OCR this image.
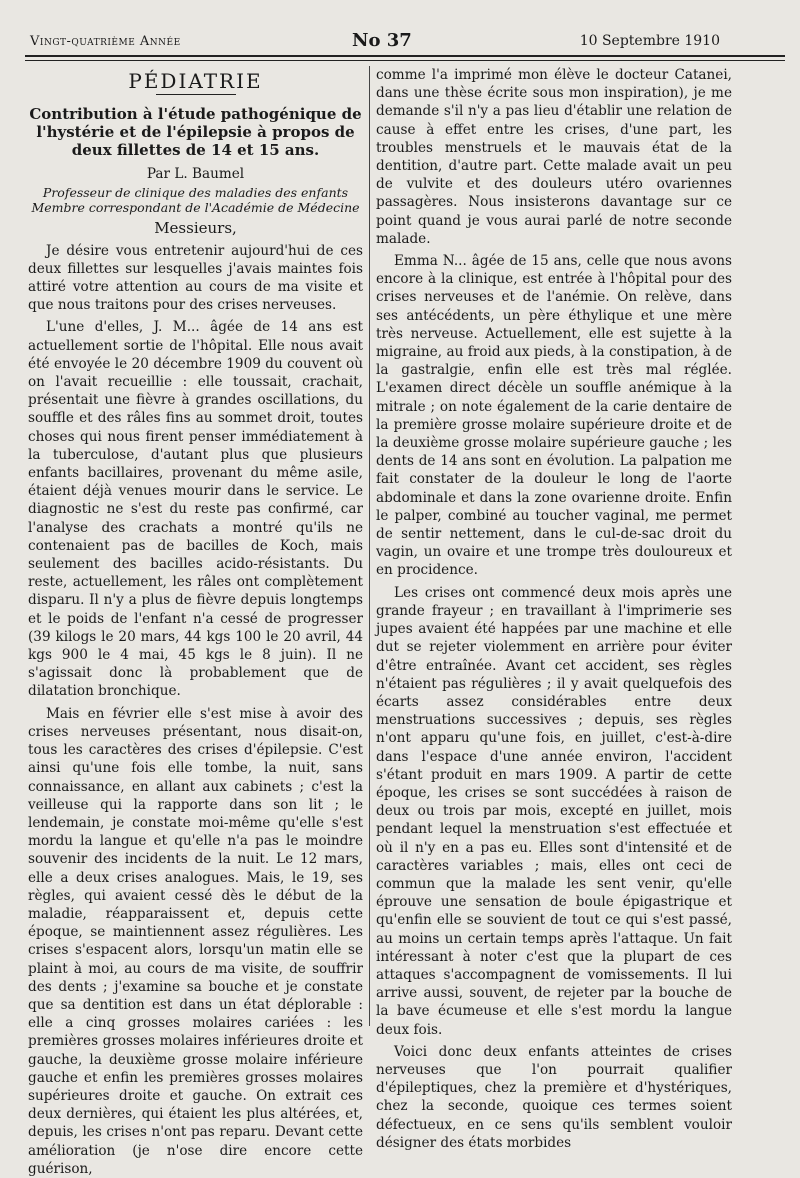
Vingt-quatrième Année	No 37	10 Septembre 1910
PÉDIATRIE
Contribution à l'étude pathogénique de l'hystérie et de l'épilepsie à propos de deux fillettes de 14 et 15 ans.
Par L. Baumel
Professeur de clinique des maladies des enfants
Membre correspondant de l'Académie de Médecine
Messieurs,

Je désire vous entretenir aujourd'hui de ces deux fillettes sur lesquelles j'avais maintes fois attiré votre attention au cours de ma visite et que nous traitons pour des crises nerveuses.

L'une d'elles, J. M... âgée de 14 ans est actuellement sortie de l'hôpital. Elle nous avait été envoyée le 20 décembre 1909 du couvent où on l'avait recueillie : elle toussait, crachait, présentait une fièvre à grandes oscillations, du souffle et des râles fins au sommet droit, toutes choses qui nous firent penser immédiatement à la tuberculose, d'autant plus que plusieurs enfants bacillaires, provenant du même asile, étaient déjà venues mourir dans le service. Le diagnostic ne s'est du reste pas confirmé, car l'analyse des crachats a montré qu'ils ne contenaient pas de bacilles de Koch, mais seulement des bacilles acido-résistants. Du reste, actuellement, les râles ont complètement disparu. Il n'y a plus de fièvre depuis longtemps et le poids de l'enfant n'a cessé de progresser (39 kilogs le 20 mars, 44 kgs 100 le 20 avril, 44 kgs 900 le 4 mai, 45 kgs le 8 juin). Il ne s'agissait donc là probablement que de dilatation bronchique.

Mais en février elle s'est mise à avoir des crises nerveuses présentant, nous disait-on, tous les caractères des crises d'épilepsie. C'est ainsi qu'une fois elle tombe, la nuit, sans connaissance, en allant aux cabinets ; c'est la veilleuse qui la rapporte dans son lit ; le lendemain, je constate moi-même qu'elle s'est mordu la langue et qu'elle n'a pas le moindre souvenir des incidents de la nuit. Le 12 mars, elle a deux crises analogues. Mais, le 19, ses règles, qui avaient cessé dès le début de la maladie, réapparaissent et, depuis cette époque, se maintiennent assez régulières. Les crises s'espacent alors, lorsqu'un matin elle se plaint à moi, au cours de ma visite, de souffrir des dents ; j'examine sa bouche et je constate que sa dentition est dans un état déplorable : elle a cinq grosses molaires cariées : les premières grosses molaires inférieures droite et gauche, la deuxième grosse molaire inférieure gauche et enfin les premières grosses molaires supérieures droite et gauche. On extrait ces deux dernières, qui étaient les plus altérées, et, depuis, les crises n'ont pas reparu. Devant cette amélioration (je n'ose dire encore cette guérison,

comme l'a imprimé mon élève le docteur Catanei, dans une thèse écrite sous mon inspiration), je me demande s'il n'y a pas lieu d'établir une relation de cause à effet entre les crises, d'une part, les troubles menstruels et le mauvais état de la dentition, d'autre part. Cette malade avait un peu de vulvite et des douleurs utéro ovariennes passagères. Nous insisterons davantage sur ce point quand je vous aurai parlé de notre seconde malade.

Emma N... âgée de 15 ans, celle que nous avons encore à la clinique, est entrée à l'hôpital pour des crises nerveuses et de l'anémie. On relève, dans ses antécédents, un père éthylique et une mère très nerveuse. Actuellement, elle est sujette à la migraine, au froid aux pieds, à la constipation, à de la gastralgie, enfin elle est très mal réglée. L'examen direct décèle un souffle anémique à la mitrale ; on note également de la carie dentaire de la première grosse molaire supérieure droite et de la deuxième grosse molaire supérieure gauche ; les dents de 14 ans sont en évolution. La palpation me fait constater de la douleur le long de l'aorte abdominale et dans la zone ovarienne droite. Enfin le palper, combiné au toucher vaginal, me permet de sentir nettement, dans le cul-de-sac droit du vagin, un ovaire et une trompe très douloureux et en procidence.

Les crises ont commencé deux mois après une grande frayeur ; en travaillant à l'imprimerie ses jupes avaient été happées par une machine et elle dut se rejeter violemment en arrière pour éviter d'être entraînée. Avant cet accident, ses règles n'étaient pas régulières ; il y avait quelquefois des écarts assez considérables entre deux menstruations successives ; depuis, ses règles n'ont apparu qu'une fois, en juillet, c'est-à-dire dans l'espace d'une année environ, l'accident s'étant produit en mars 1909. A partir de cette époque, les crises se sont succédées à raison de deux ou trois par mois, excepté en juillet, mois pendant lequel la menstruation s'est effectuée et où il n'y en a pas eu. Elles sont d'intensité et de caractères variables ; mais, elles ont ceci de commun que la malade les sent venir, qu'elle éprouve une sensation de boule épigastrique et qu'enfin elle se souvient de tout ce qui s'est passé, au moins un certain temps après l'attaque. Un fait intéressant à noter c'est que la plupart de ces attaques s'accompagnent de vomissements. Il lui arrive aussi, souvent, de rejeter par la bouche de la bave écumeuse et elle s'est mordu la langue deux fois.

Voici donc deux enfants atteintes de crises nerveuses que l'on pourrait qualifier d'épileptiques, chez la première et d'hystériques, chez la seconde, quoique ces termes soient défectueux, en ce sens qu'ils semblent vouloir désigner des états morbides
